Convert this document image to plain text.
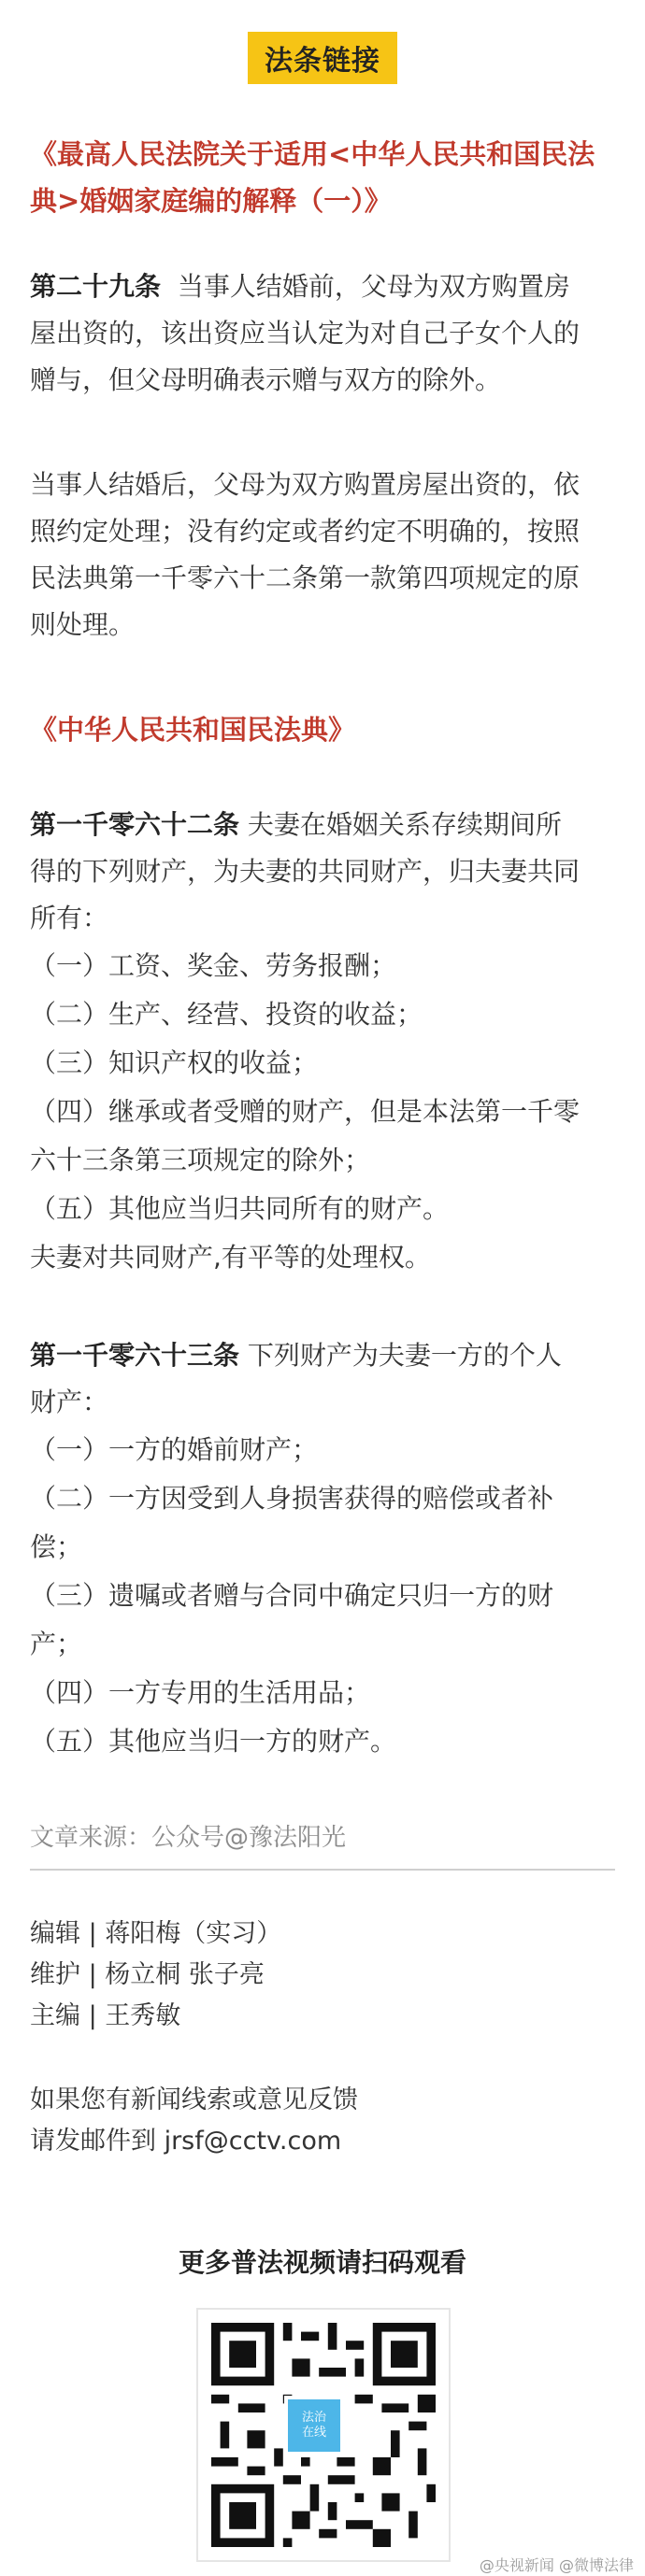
法条链接

《最高人民法院关于适用<中华人民共和国民法

典>婚姻家庭编的解释（一）》

第二十九条 当事人结婚前，父母为双方购置房

屋出资的，该出资应当认定为对自己子女个人的

赠与，但父母明确表示赠与双方的除外。

当事人结婚后，父母为双方购置房屋出资的，依

照约定处理；没有约定或者约定不明确的，按照

民法典第一千零六十二条第一款第四项规定的原

则处理。

《中华人民共和国民法典》

第一千零六十二条 夫妻在婚姻关系存续期间所

得的下列财产，为夫妻的共同财产，归夫妻共同

所有：

（一）工资、奖金、劳务报酬；

（二）生产、经营、投资的收益；

（三）知识产权的收益；

（四）继承或者受赠的财产，但是本法第一千零

六十三条第三项规定的除外；

（五）其他应当归共同所有的财产。

夫妻对共同财产,有平等的处理权。

第一千零六十三条 下列财产为夫妻一方的个人

财产：

（一）一方的婚前财产；

（二）一方因受到人身损害获得的赔偿或者补

偿；

（三）遗嘱或者赠与合同中确定只归一方的财

产；

（四）一方专用的生活用品；

（五）其他应当归一方的财产。

文章来源：公众号@豫法阳光

编辑 | 蒋阳梅（实习）

维护 | 杨立桐 张子亮

主编 | 王秀敏

如果您有新闻线索或意见反馈

请发邮件到 jrsf@cctv.com

更多普法视频请扫码观看
法治
在线
@央视新闻 @微博法律
